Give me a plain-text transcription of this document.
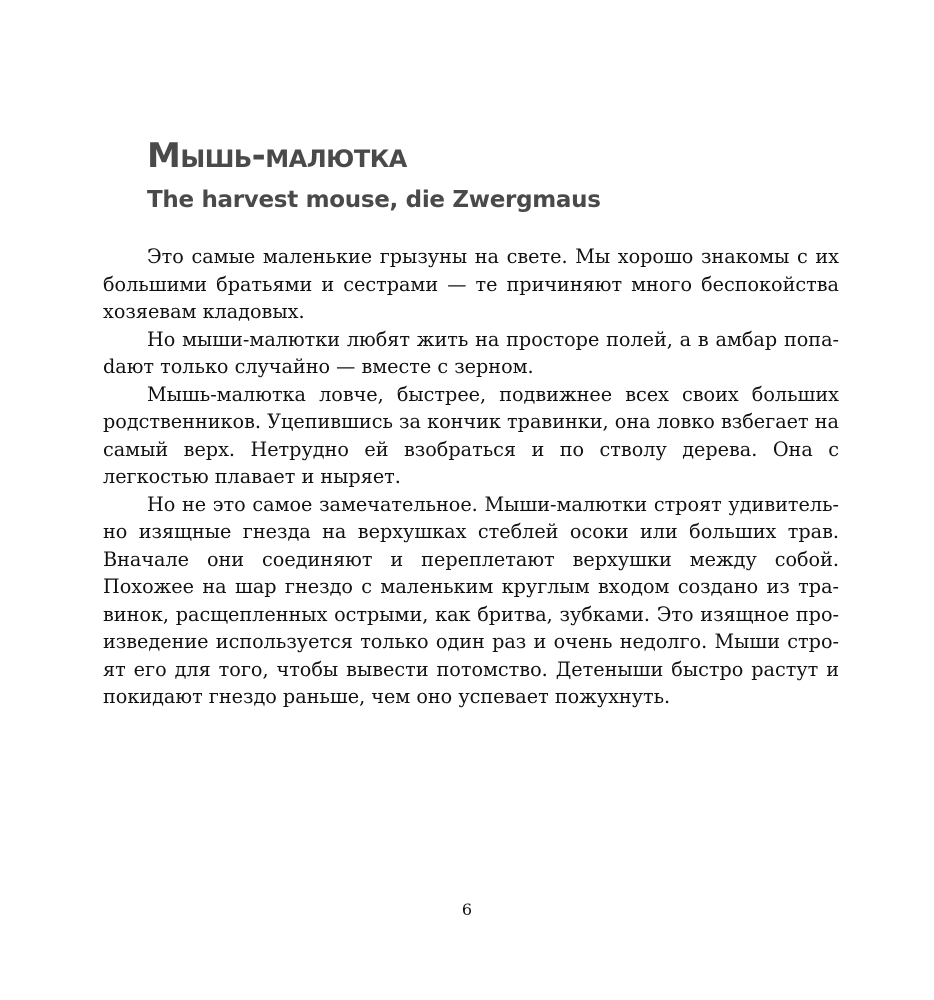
Мышь-малютка
The harvest mouse, die Zwergmaus

Это самые маленькие грызуны на свете. Мы хорошо знакомы с их большими братьями и сестрами — те причиняют много беспокойства хозяевам кладовых.

Но мыши-малютки любят жить на просторе полей, а в амбар попаdают только случайно — вместе с зерном.

Мышь-малютка ловче, быстрее, подвижнее всех своих больших родственников. Уцепившись за кончик травинки, она ловко взбегает на самый верх. Нетрудно ей взобраться и по стволу дерева. Она с легкостью плавает и ныряет.

Но не это самое замечательное. Мыши-малютки строят удивительно изящные гнезда на верхушках стеблей осоки или больших трав. Вначале они соединяют и переплетают верхушки между собой. Похожее на шар гнездо с маленьким круглым входом создано из травинок, расщепленных острыми, как бритва, зубками. Это изящное произведение используется только один раз и очень недолго. Мыши строят его для того, чтобы вывести потомство. Детеныши быстро растут и покидают гнездо раньше, чем оно успевает пожухнуть.

6
